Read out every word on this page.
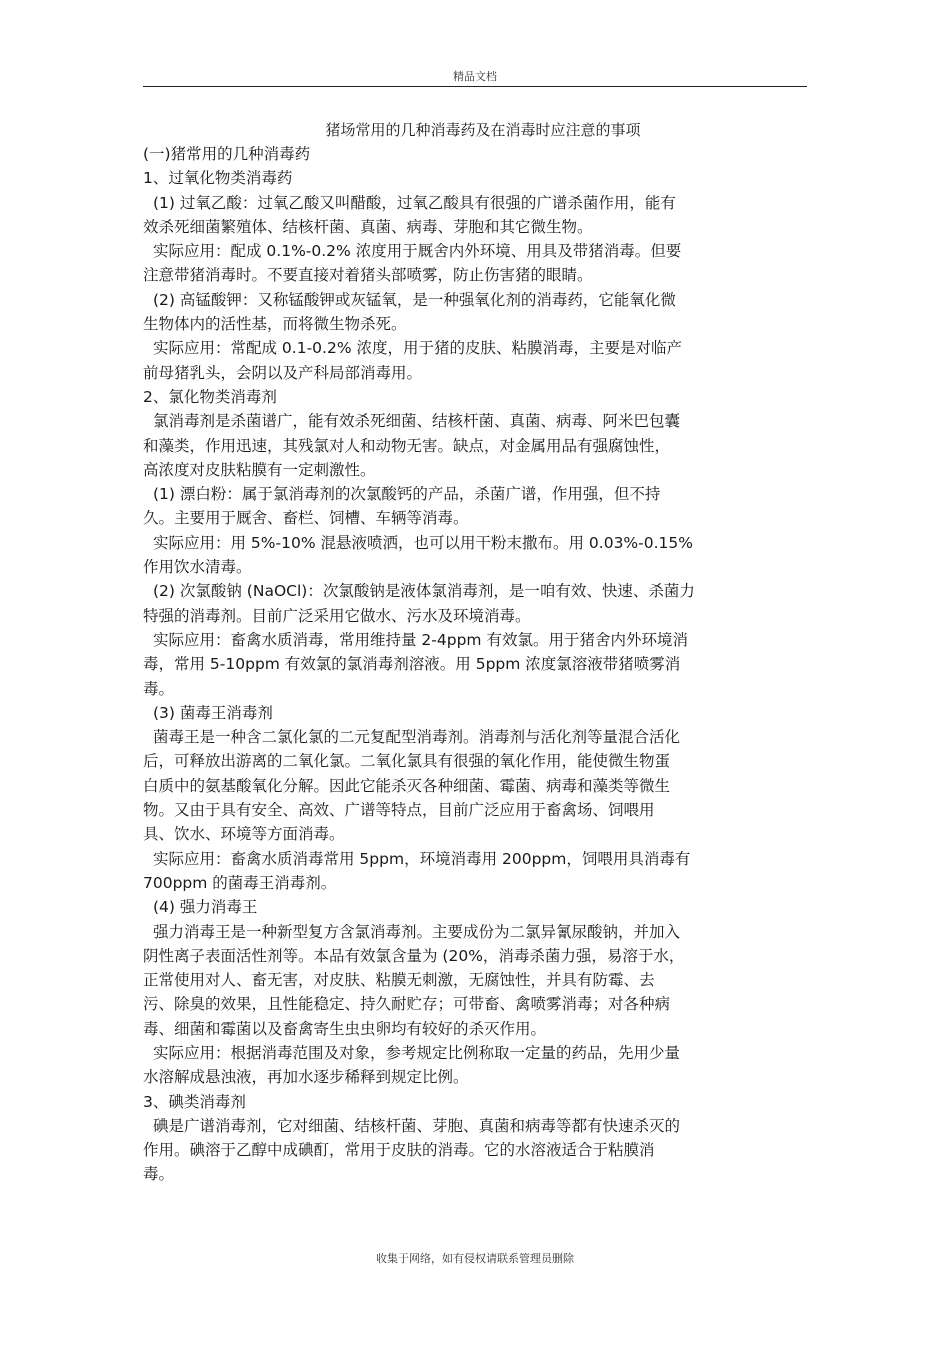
精品文档
猪场常用的几种消毒药及在消毒时应注意的事项
(一)猪常用的几种消毒药
1、过氧化物类消毒药
(1) 过氧乙酸：过氧乙酸又叫醋酸，过氧乙酸具有很强的广谱杀菌作用，能有
效杀死细菌繁殖体、结核杆菌、真菌、病毒、芽胞和其它微生物。
实际应用：配成 0.1%-0.2% 浓度用于厩舍内外环境、用具及带猪消毒。但要
注意带猪消毒时。不要直接对着猪头部喷雾，防止伤害猪的眼睛。
(2) 高锰酸钾：又称锰酸钾或灰锰氧，是一种强氧化剂的消毒药，它能氧化微
生物体内的活性基，而将微生物杀死。
实际应用：常配成 0.1-0.2% 浓度，用于猪的皮肤、粘膜消毒，主要是对临产
前母猪乳头，会阴以及产科局部消毒用。
2、氯化物类消毒剂
氯消毒剂是杀菌谱广，能有效杀死细菌、结核杆菌、真菌、病毒、阿米巴包囊
和藻类，作用迅速，其残氯对人和动物无害。缺点，对金属用品有强腐蚀性，
高浓度对皮肤粘膜有一定刺激性。
(1) 漂白粉：属于氯消毒剂的次氯酸钙的产品，杀菌广谱，作用强，但不持
久。主要用于厩舍、畜栏、饲槽、车辆等消毒。
实际应用：用 5%-10% 混悬液喷洒，也可以用干粉末撒布。用 0.03%-0.15%
作用饮水清毒。
(2) 次氯酸钠 (NaOCl)：次氯酸钠是液体氯消毒剂，是一咱有效、快速、杀菌力
特强的消毒剂。目前广泛采用它做水、污水及环境消毒。
实际应用：畜禽水质消毒，常用维持量 2-4ppm 有效氯。用于猪舍内外环境消
毒，常用 5-10ppm 有效氯的氯消毒剂溶液。用 5ppm 浓度氯溶液带猪喷雾消
毒。
(3) 菌毒王消毒剂
菌毒王是一种含二氯化氯的二元复配型消毒剂。消毒剂与活化剂等量混合活化
后，可释放出游离的二氧化氯。二氧化氯具有很强的氧化作用，能使微生物蛋
白质中的氨基酸氧化分解。因此它能杀灭各种细菌、霉菌、病毒和藻类等微生
物。又由于具有安全、高效、广谱等特点，目前广泛应用于畜禽场、饲喂用
具、饮水、环境等方面消毒。
实际应用：畜禽水质消毒常用 5ppm，环境消毒用 200ppm，饲喂用具消毒有
700ppm 的菌毒王消毒剂。
(4) 强力消毒王
强力消毒王是一种新型复方含氯消毒剂。主要成份为二氯异氰尿酸钠，并加入
阴性离子表面活性剂等。本品有效氯含量为 (20%，消毒杀菌力强，易溶于水，
正常使用对人、畜无害，对皮肤、粘膜无刺激，无腐蚀性，并具有防霉、去
污、除臭的效果，且性能稳定、持久耐贮存；可带畜、禽喷雾消毒；对各种病
毒、细菌和霉菌以及畜禽寄生虫虫卵均有较好的杀灭作用。
实际应用：根据消毒范围及对象，参考规定比例称取一定量的药品，先用少量
水溶解成悬浊液，再加水逐步稀释到规定比例。
3、碘类消毒剂
碘是广谱消毒剂，它对细菌、结核杆菌、芽胞、真菌和病毒等都有快速杀灭的
作用。碘溶于乙醇中成碘酊，常用于皮肤的消毒。它的水溶液适合于粘膜消
毒。
收集于网络，如有侵权请联系管理员删除
